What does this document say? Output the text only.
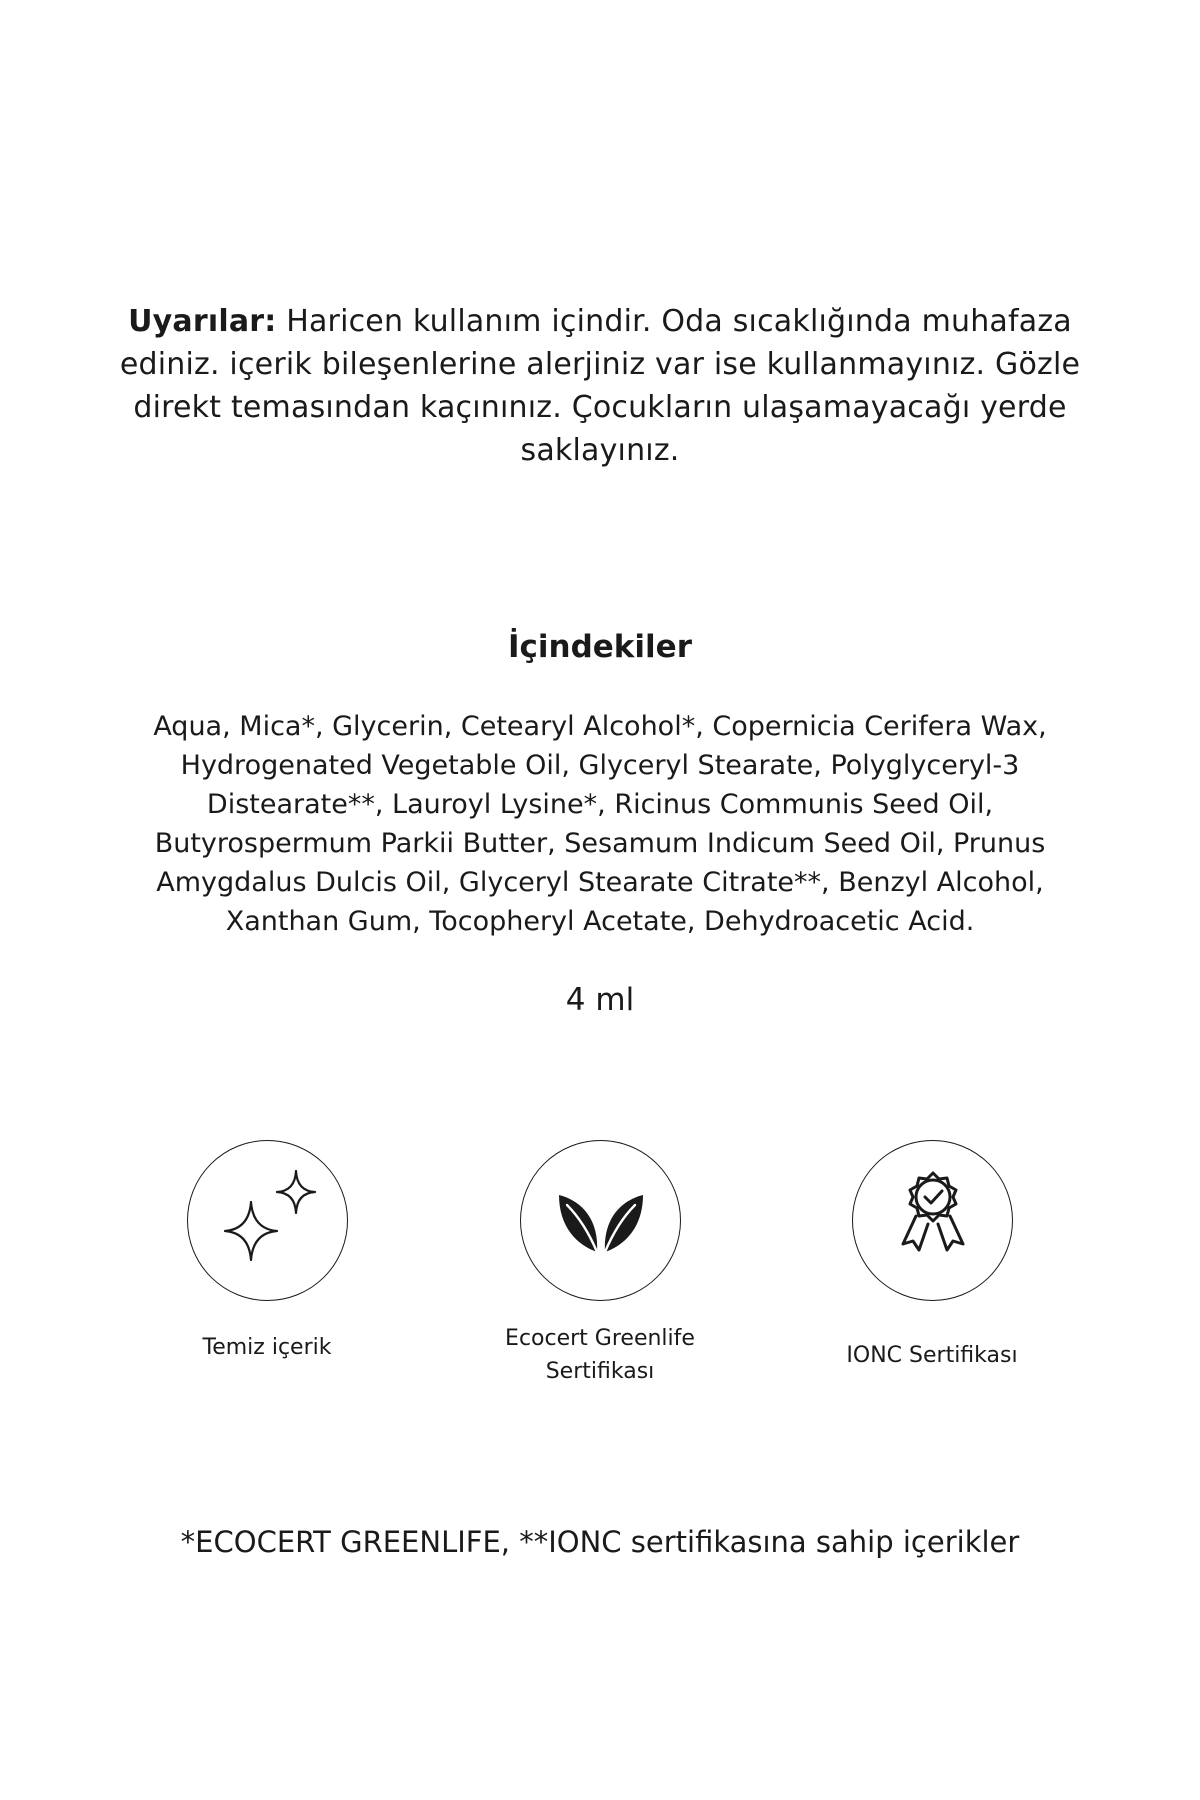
Uyarılar: Haricen kullanım içindir. Oda sıcaklığında muhafaza ediniz. içerik bileşenlerine alerjiniz var ise kullanmayınız. Gözle direkt temasından kaçınınız. Çocukların ulaşamayacağı yerde saklayınız.
İçindekiler
Aqua, Mica*, Glycerin, Cetearyl Alcohol*, Copernicia Cerifera Wax, Hydrogenated Vegetable Oil, Glyceryl Stearate, Polyglyceryl-3 Distearate**, Lauroyl Lysine*, Ricinus Communis Seed Oil, Butyrospermum Parkii Butter, Sesamum Indicum Seed Oil, Prunus Amygdalus Dulcis Oil, Glyceryl Stearate Citrate**, Benzyl Alcohol, Xanthan Gum, Tocopheryl Acetate, Dehydroacetic Acid.
4 ml
Temiz içerik	Ecocert Greenlife
Sertifikası
IONC Sertifikası
*ECOCERT GREENLIFE, **IONC sertifikasına sahip içerikler
